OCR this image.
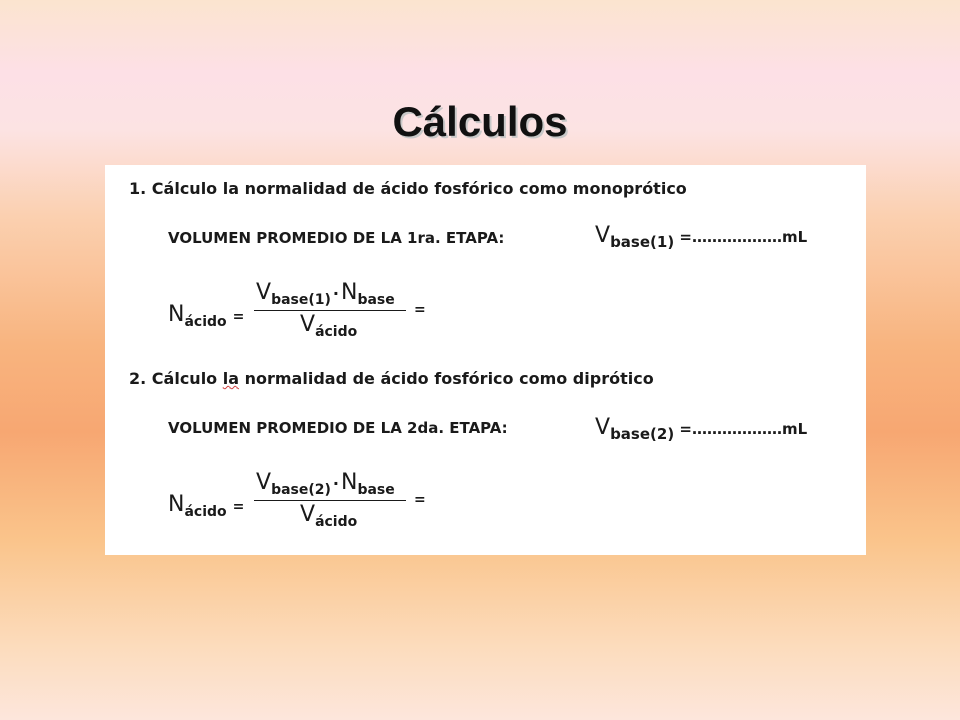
Cálculos
1. Cálculo la normalidad de ácido fosfórico como monoprótico
VOLUMEN PROMEDIO DE LA 1ra. ETAPA:	Vbase(1) =………………mL
Nácido =
Vbase(1) ·Nbase
Vácido
=
2. Cálculo la normalidad de ácido fosfórico como diprótico
VOLUMEN PROMEDIO DE LA 2da. ETAPA:	Vbase(2) =………………mL
Nácido =
Vbase(2) ·Nbase
Vácido
=
